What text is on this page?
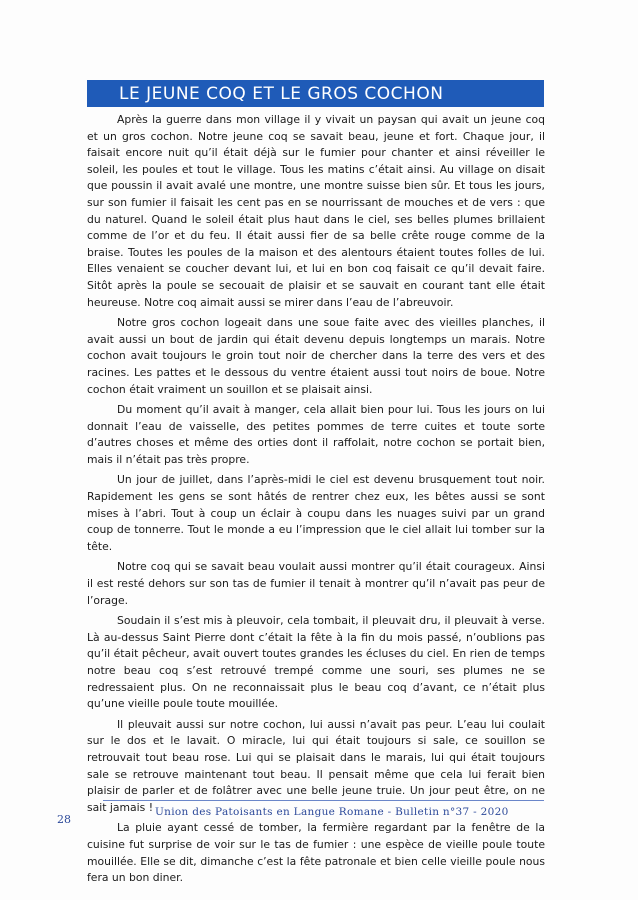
LE JEUNE COQ ET LE GROS COCHON

Après la guerre dans mon village il y vivait un paysan qui avait un jeune coq et un gros cochon. Notre jeune coq se savait beau, jeune et fort. Chaque jour, il faisait encore nuit qu’il était déjà sur le fumier pour chanter et ainsi réveiller le soleil, les poules et tout le village. Tous les matins c’était ainsi. Au village on disait que poussin il avait avalé une montre, une montre suisse bien sûr. Et tous les jours, sur son fumier il faisait les cent pas en se nourrissant de mouches et de vers : que du naturel. Quand le soleil était plus haut dans le ciel, ses belles plumes brillaient comme de l’or et du feu. Il était aussi fier de sa belle crête rouge comme de la braise. Toutes les poules de la maison et des alentours étaient toutes folles de lui. Elles venaient se coucher devant lui, et lui en bon coq faisait ce qu’il devait faire. Sitôt après la poule se secouait de plaisir et se sauvait en courant tant elle était heureuse. Notre coq aimait aussi se mirer dans l’eau de l’abreuvoir.

Notre gros cochon logeait dans une soue faite avec des vieilles planches, il avait aussi un bout de jardin qui était devenu depuis longtemps un marais. Notre cochon avait toujours le groin tout noir de chercher dans la terre des vers et des racines. Les pattes et le dessous du ventre étaient aussi tout noirs de boue. Notre cochon était vraiment un souillon et se plaisait ainsi.

Du moment qu’il avait à manger, cela allait bien pour lui. Tous les jours on lui donnait l’eau de vaisselle, des petites pommes de terre cuites et toute sorte d’autres choses et même des orties dont il raffolait, notre cochon se portait bien, mais il n’était pas très propre.

Un jour de juillet, dans l’après-midi le ciel est devenu brusquement tout noir. Rapidement les gens se sont hâtés de rentrer chez eux, les bêtes aussi se sont mises à l’abri. Tout à coup un éclair à coupu dans les nuages suivi par un grand coup de tonnerre. Tout le monde a eu l’impression que le ciel allait lui tomber sur la tête.

Notre coq qui se savait beau voulait aussi montrer qu’il était courageux. Ainsi il est resté dehors sur son tas de fumier il tenait à montrer qu’il n’avait pas peur de l’orage.

Soudain il s’est mis à pleuvoir, cela tombait, il pleuvait dru, il pleuvait à verse. Là au-dessus Saint Pierre dont c’était la fête à la fin du mois passé, n’oublions pas qu’il était pêcheur, avait ouvert toutes grandes les écluses du ciel. En rien de temps notre beau coq s’est retrouvé trempé comme une souri, ses plumes ne se redressaient plus. On ne reconnaissait plus le beau coq d’avant, ce n’était plus qu’une vieille poule toute mouillée.

Il pleuvait aussi sur notre cochon, lui aussi n’avait pas peur. L’eau lui coulait sur le dos et le lavait. O miracle, lui qui était toujours si sale, ce souillon se retrouvait tout beau rose. Lui qui se plaisait dans le marais, lui qui était toujours sale se retrouve maintenant tout beau. Il pensait même que cela lui ferait bien plaisir de parler et de folâtrer avec une belle jeune truie. Un jour peut être, on ne sait jamais !

La pluie ayant cessé de tomber, la fermière regardant par la fenêtre de la cuisine fut surprise de voir sur le tas de fumier : une espèce de vieille poule toute mouillée. Elle se dit, dimanche c’est la fête patronale et bien celle vieille poule nous fera un bon diner.

28
Union des Patoisants en Langue Romane - Bulletin n°37 - 2020
